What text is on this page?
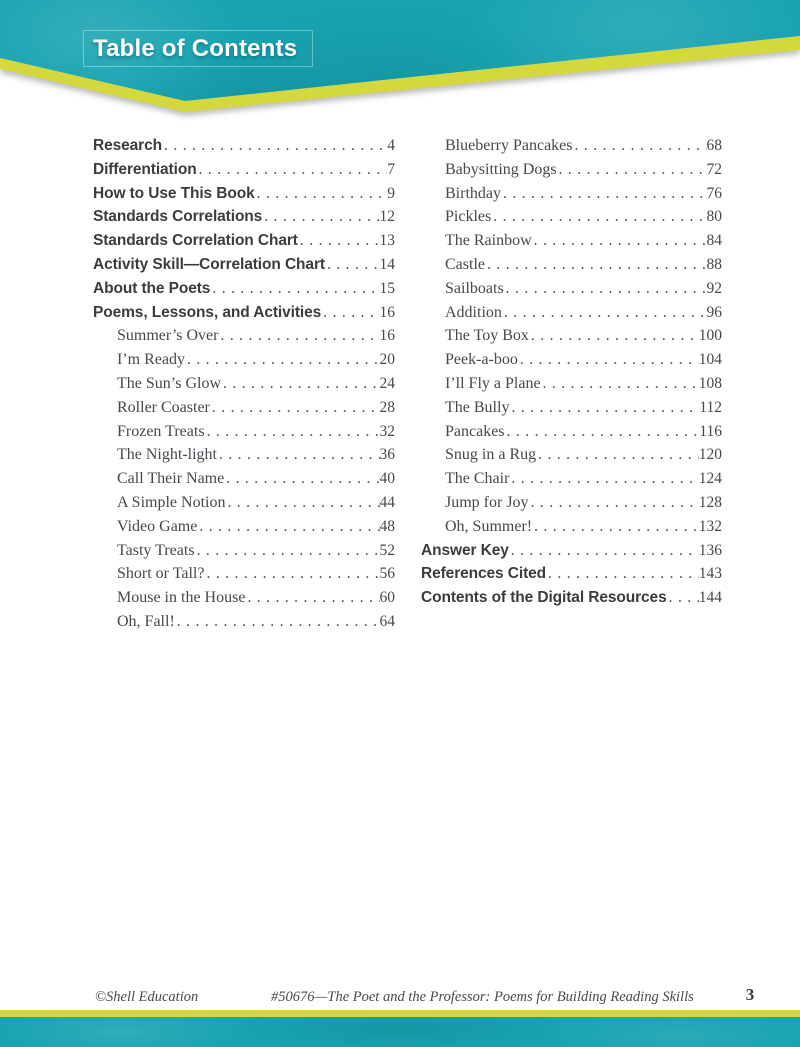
Table of Contents
Research . . .	4
Differentiation . . .	7
How to Use This Book . . .	9
Standards Correlations . . .	12
Standards Correlation Chart . . .	13
Activity Skill—Correlation Chart . . .	14
About the Poets . . .	15
Poems, Lessons, and Activities . . .	16
Summer’s Over . . .	16
I’m Ready . . .	20
The Sun’s Glow . . .	24
Roller Coaster . . .	28
Frozen Treats . . .	32
The Night-light . . .	36
Call Their Name . . .	40
A Simple Notion . . .	44
Video Game . . .	48
Tasty Treats . . .	52
Short or Tall? . . .	56
Mouse in the House . . .	60
Oh, Fall! . . .	64
Blueberry Pancakes . . .	68
Babysitting Dogs . . .	72
Birthday . . .	76
Pickles . . .	80
The Rainbow . . .	84
Castle . . .	88
Sailboats . . .	92
Addition . . .	96
The Toy Box . . .	100
Peek-a-boo . . .	104
I’ll Fly a Plane . . .	108
The Bully . . .	112
Pancakes . . .	116
Snug in a Rug . . .	120
The Chair . . .	124
Jump for Joy . . .	128
Oh, Summer! . . .	132
Answer Key . . .	136
References Cited . . .	143
Contents of the Digital Resources . . . 144
©Shell Education	#50676—The Poet and the Professor: Poems for Building Reading Skills	3
